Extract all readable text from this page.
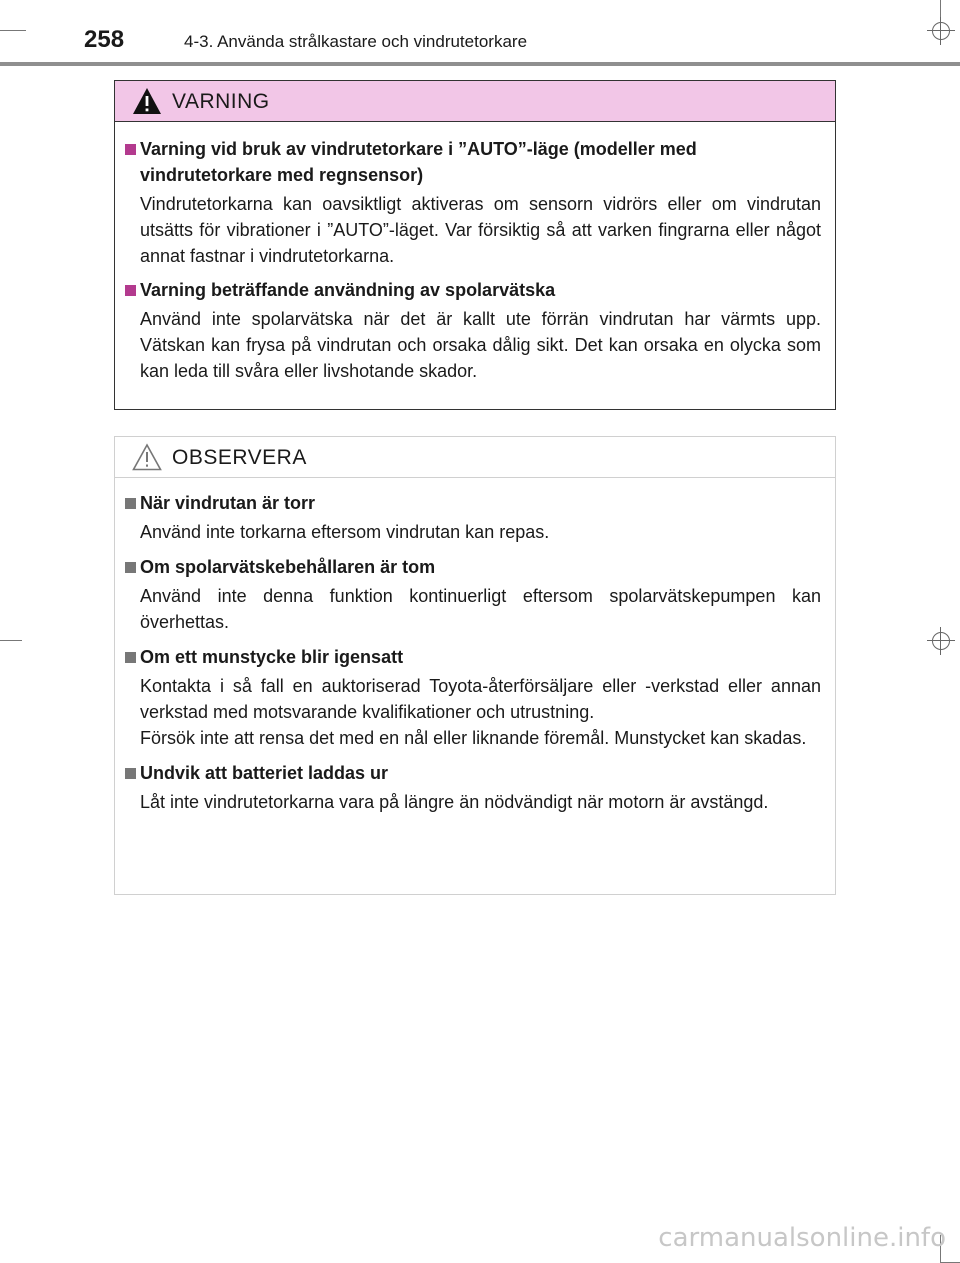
258	4-3. Använda strålkastare och vindrutetorkare
VARNING
Varning vid bruk av vindrutetorkare i ”AUTO”-läge (modeller med vindrutetorkare med regnsensor)
Vindrutetorkarna kan oavsiktligt aktiveras om sensorn vidrörs eller om vindrutan utsätts för vibrationer i ”AUTO”-läget. Var försiktig så att varken fingrarna eller något annat fastnar i vindrutetorkarna.
Varning beträffande användning av spolarvätska
Använd inte spolarvätska när det är kallt ute förrän vindrutan har värmts upp. Vätskan kan frysa på vindrutan och orsaka dålig sikt. Det kan orsaka en olycka som kan leda till svåra eller livshotande skador.
OBSERVERA
När vindrutan är torr
Använd inte torkarna eftersom vindrutan kan repas.
Om spolarvätskebehållaren är tom
Använd inte denna funktion kontinuerligt eftersom spolarvätskepumpen kan överhettas.
Om ett munstycke blir igensatt
Kontakta i så fall en auktoriserad Toyota-återförsäljare eller -verkstad eller annan verkstad med motsvarande kvalifikationer och utrustning.
Försök inte att rensa det med en nål eller liknande föremål. Munstycket kan skadas.
Undvik att batteriet laddas ur
Låt inte vindrutetorkarna vara på längre än nödvändigt när motorn är avstängd.
carmanualsonline.info
